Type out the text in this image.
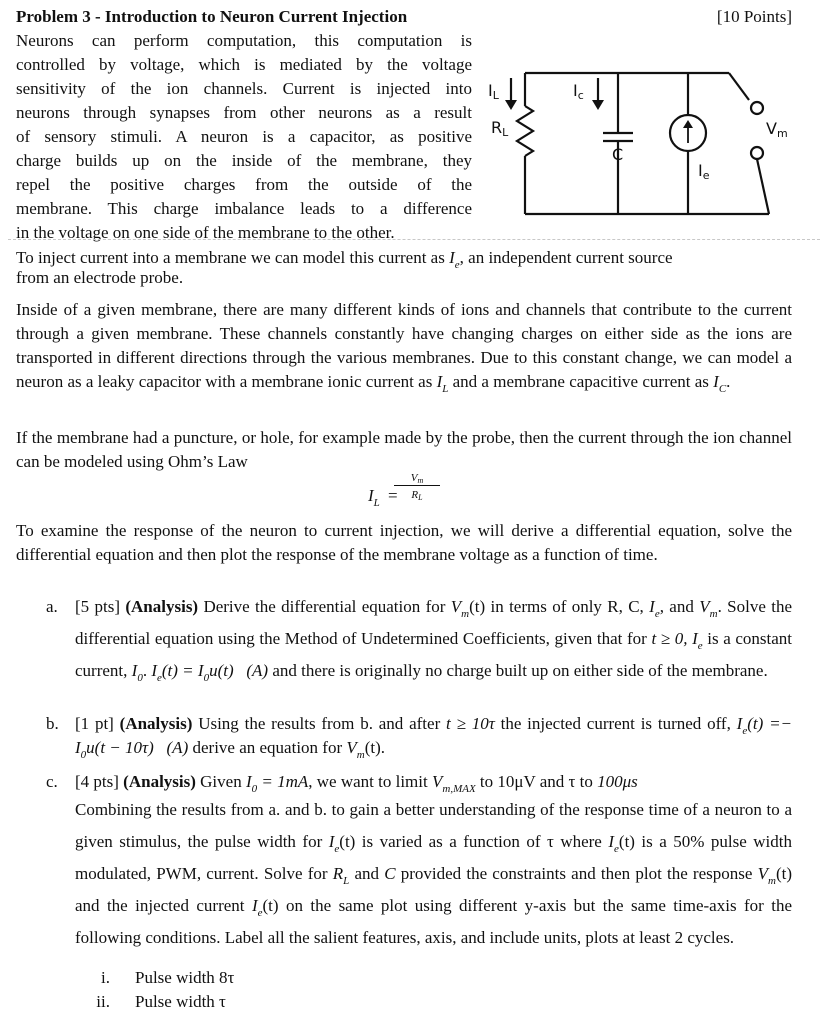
Problem 3 - Introduction to Neuron Current Injection	[10 Points]
Neurons can perform computation, this computation is
controlled by voltage, which is mediated by the voltage
sensitivity of the ion channels. Current is injected into
neurons through synapses from other neurons as a result
of sensory stimuli. A neuron is a capacitor, as positive
charge builds up on the inside of the membrane, they
repel the positive charges from the outside of the
membrane. This charge imbalance leads to a difference
in the voltage on one side of the membrane to the other.
IL
RL
Ic
C
Ie
Vm

To inject current into a membrane we can model this current as $I_e$, an independent current source

from an electrode probe.

Inside of a given membrane, there are many different kinds of ions and channels that contribute to the current through a given membrane. These channels constantly have changing charges on either side as the ions are transported in different directions through the various membranes. Due to this constant change, we can model a neuron as a leaky capacitor with a membrane ionic current as $I_L$ and a membrane capacitive current as $I_C$.

If the membrane had a puncture, or hole, for example made by the probe, then the current through the ion channel can be modeled using Ohm’s Law

$I_L$ =
$\frac{V_m}{R_L}$

To examine the response of the neuron to current injection, we will derive a differential equation, solve the differential equation and then plot the response of the membrane voltage as a function of time.

a. [5 pts] (Analysis) Derive the differential equation for $V_m(t)$ in terms of only R, C, $I_e$, and $V_m$. Solve the differential equation using the Method of Undetermined Coefficients, given that for t ≥ 0, $I_e$ is a constant current, $I_0$. $I_e(t) = I_0u(t)$   (A) and there is originally no charge built up on either side of the membrane.
b. [1 pt] (Analysis) Using the results from b. and after t ≥ 10τ the injected current is turned off, $I_e(t) =- I_0u(t - 10\tau)$   (A) derive an equation for $V_m(t)$.
c. [4 pts] (Analysis) Given $I_0 = 1mA$, we want to limit $V_{m,MAX}$ to 10μV and τ to 100μs
Combining the results from a. and b. to gain a better understanding of the response time of a neuron to a given stimulus, the pulse width for $I_e(t)$ is varied as a function of τ where $I_e(t)$ is a 50% pulse width modulated, PWM, current. Solve for $R_L$ and C provided the constraints and then plot the response $V_m(t)$ and the injected current $I_e(t)$ on the same plot using different y-axis but the same time-axis for the following conditions. Label all the salient features, axis, and include units, plots at least 2 cycles.
i. Pulse width 8τ
ii. Pulse width τ
